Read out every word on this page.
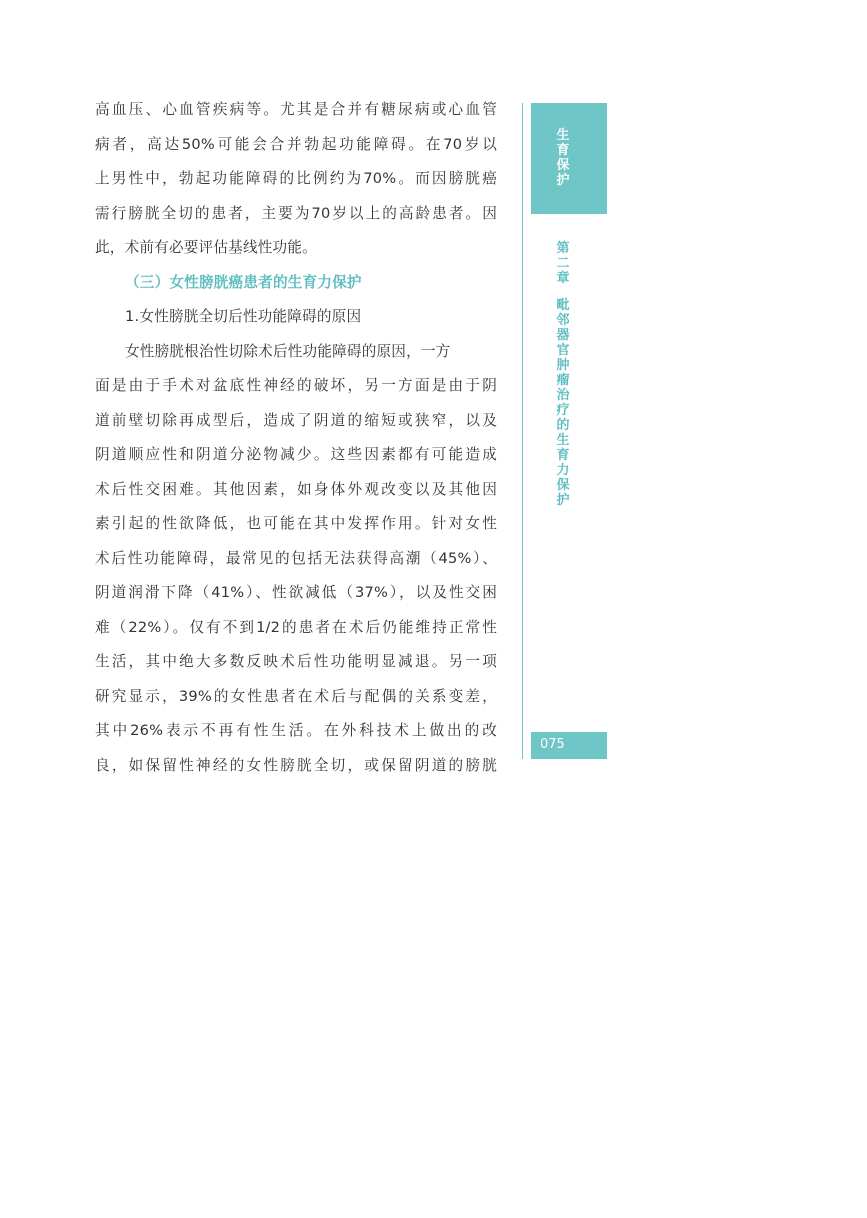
高血压、心血管疾病等。尤其是合并有糖尿病或心血管
病者，高达50%可能会合并勃起功能障碍。在70岁以
上男性中，勃起功能障碍的比例约为70%。而因膀胱癌
需行膀胱全切的患者，主要为70岁以上的高龄患者。因
此，术前有必要评估基线性功能。
（三）女性膀胱癌患者的生育力保护
1.女性膀胱全切后性功能障碍的原因
女性膀胱根治性切除术后性功能障碍的原因，一方
面是由于手术对盆底性神经的破坏，另一方面是由于阴
道前壁切除再成型后，造成了阴道的缩短或狭窄，以及
阴道顺应性和阴道分泌物减少。这些因素都有可能造成
术后性交困难。其他因素，如身体外观改变以及其他因
素引起的性欲降低，也可能在其中发挥作用。针对女性
术后性功能障碍，最常见的包括无法获得高潮（45%）、
阴道润滑下降（41%）、性欲减低（37%），以及性交困
难（22%）。仅有不到1/2的患者在术后仍能维持正常性
生活，其中绝大多数反映术后性功能明显减退。另一项
研究显示，39%的女性患者在术后与配偶的关系变差，
其中26%表示不再有性生活。在外科技术上做出的改
良，如保留性神经的女性膀胱全切，或保留阴道的膀胱
生
育
保
护
第
二
章
毗
邻
器
官
肿
瘤
治
疗
的
生
育
力
保
护
075
